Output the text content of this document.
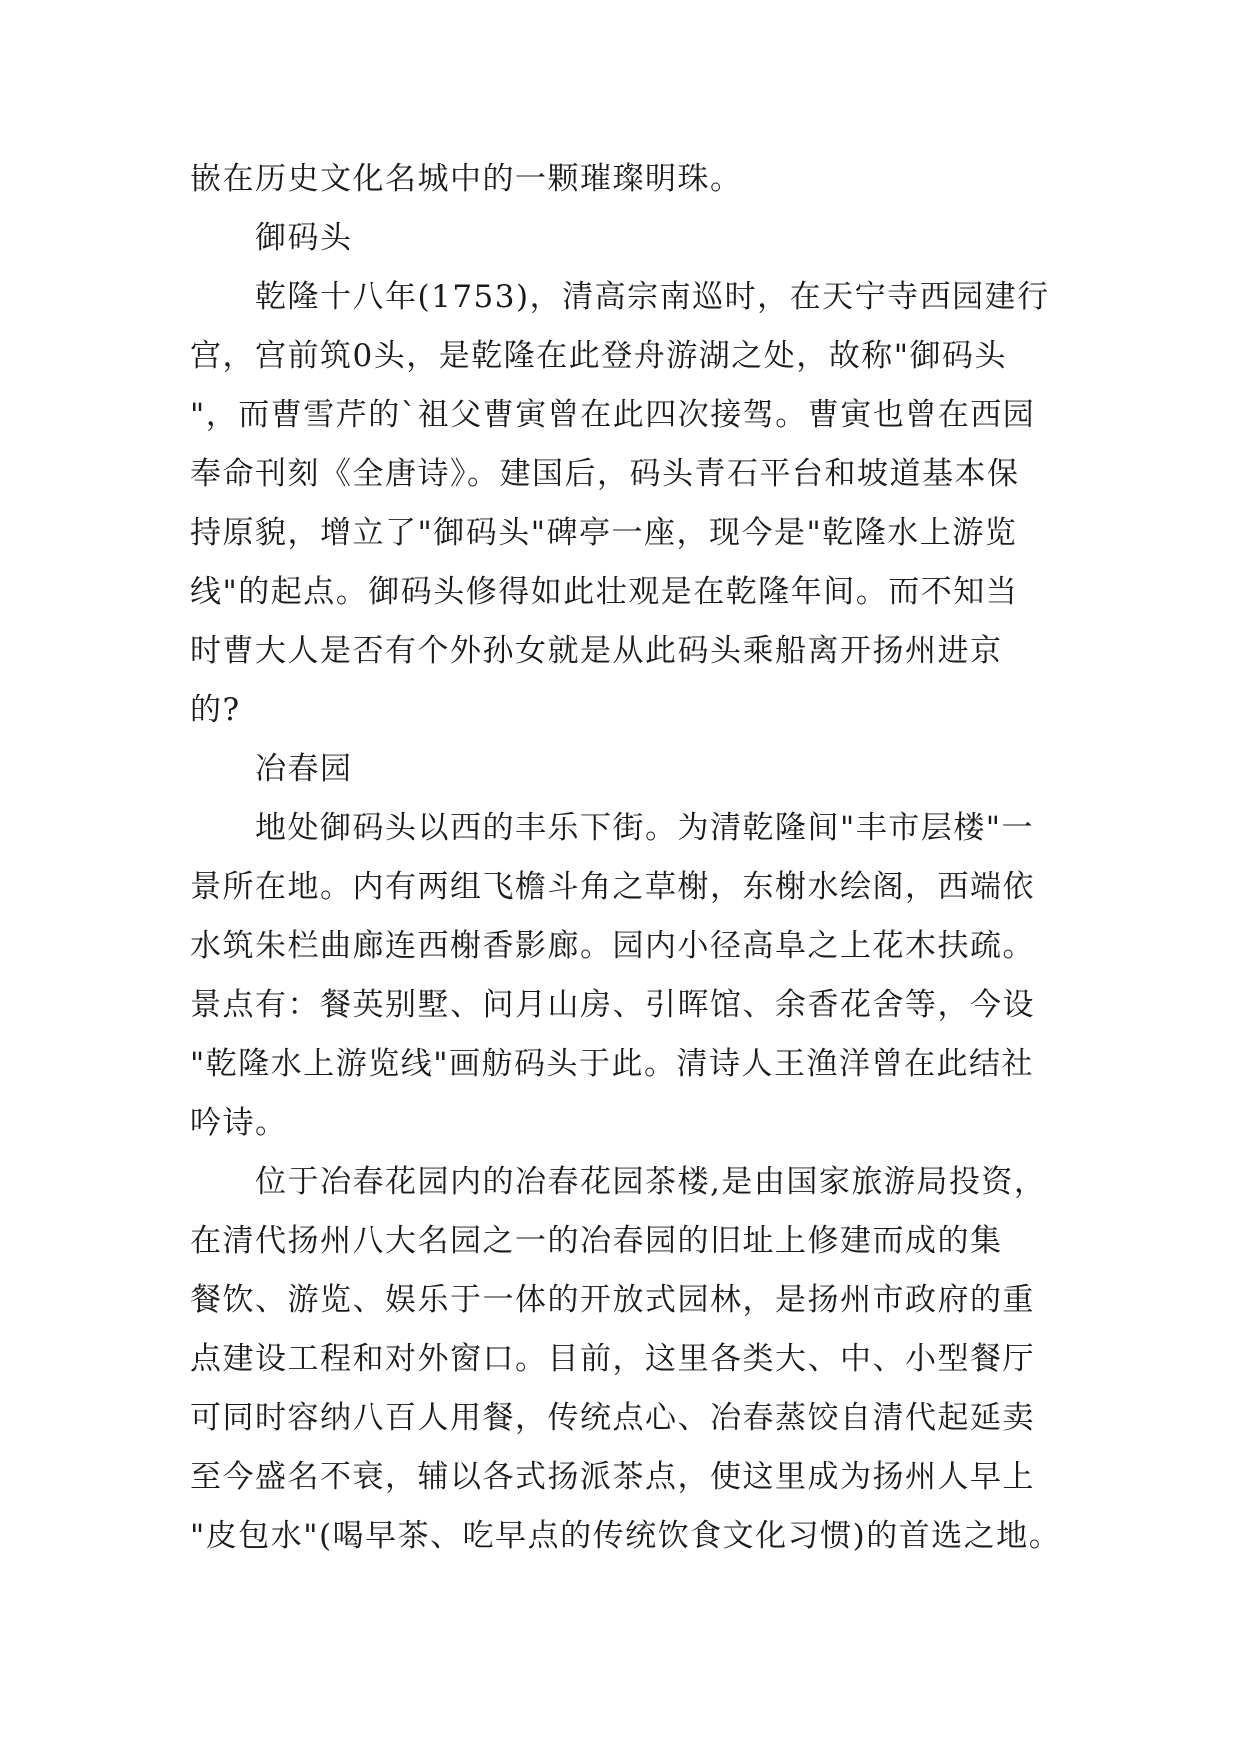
嵌在历史文化名城中的一颗璀璨明珠。
御码头
乾隆十八年(1753)，清高宗南巡时，在天宁寺西园建行
宫，宫前筑0头，是乾隆在此登舟游湖之处，故称"御码头
"，而曹雪芹的`祖父曹寅曾在此四次接驾。曹寅也曾在西园
奉命刊刻《全唐诗》。建国后，码头青石平台和坡道基本保
持原貌，增立了"御码头"碑亭一座，现今是"乾隆水上游览
线"的起点。御码头修得如此壮观是在乾隆年间。而不知当
时曹大人是否有个外孙女就是从此码头乘船离开扬州进京
的?
冶春园
地处御码头以西的丰乐下街。为清乾隆间"丰市层楼"一
景所在地。内有两组飞檐斗角之草榭，东榭水绘阁，西端依
水筑朱栏曲廊连西榭香影廊。园内小径高阜之上花木扶疏。
景点有：餐英别墅、问月山房、引晖馆、余香花舍等，今设
"乾隆水上游览线"画舫码头于此。清诗人王渔洋曾在此结社
吟诗。
位于冶春花园内的冶春花园茶楼,是由国家旅游局投资，
在清代扬州八大名园之一的冶春园的旧址上修建而成的集
餐饮、游览、娱乐于一体的开放式园林，是扬州市政府的重
点建设工程和对外窗口。目前，这里各类大、中、小型餐厅
可同时容纳八百人用餐，传统点心、冶春蒸饺自清代起延卖
至今盛名不衰，辅以各式扬派茶点，使这里成为扬州人早上
"皮包水"(喝早茶、吃早点的传统饮食文化习惯)的首选之地。
